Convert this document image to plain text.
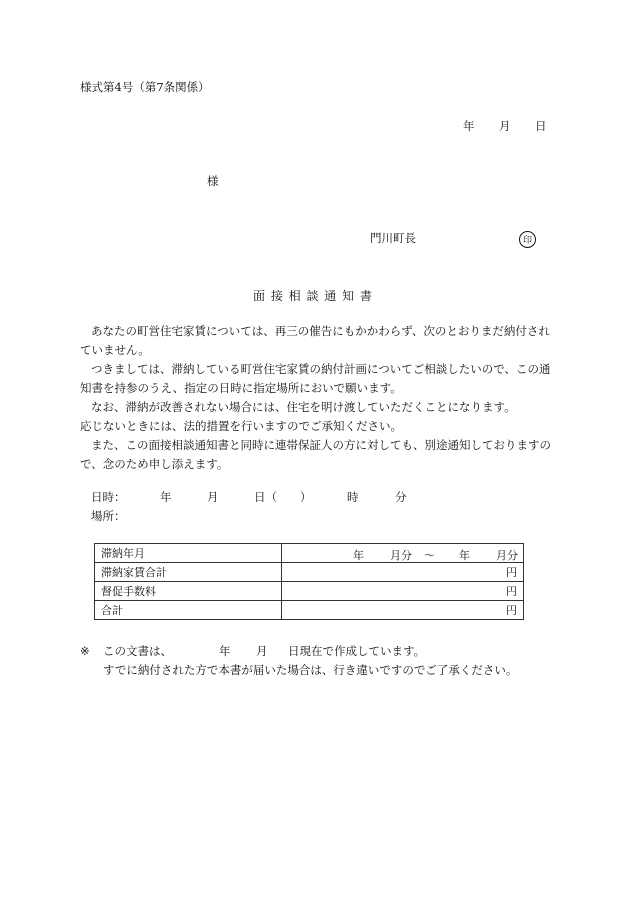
様式第4号（第7条関係）
年 月 日
様
門川町長	印
面 接 相 談 通 知 書

あなたの町営住宅家賃については、再三の催告にもかかわらず、次のとおりまだ納付されていません。

つきましては、滞納している町営住宅家賃の納付計画についてご相談したいので、この通知書を持参のうえ、指定の日時に指定場所においで願います。

なお、滞納が改善されない場合には、住宅を明け渡していただくことになります。

応じないときには、法的措置を行いますのでご承知ください。

また、この面接相談通知書と同時に連帯保証人の方に対しても、別途通知しておりますので、念のため申し添えます。

日時：	年	月	日（　　）	時	分
場所：
滞納年月	年 月分 〜 年 月分

滞納家賃合計	円
督促手数料	円
合計	円
※ この文書は、	年 月 日現在で作成しています。
すでに納付された方で本書が届いた場合は、行き違いですのでご了承ください。
